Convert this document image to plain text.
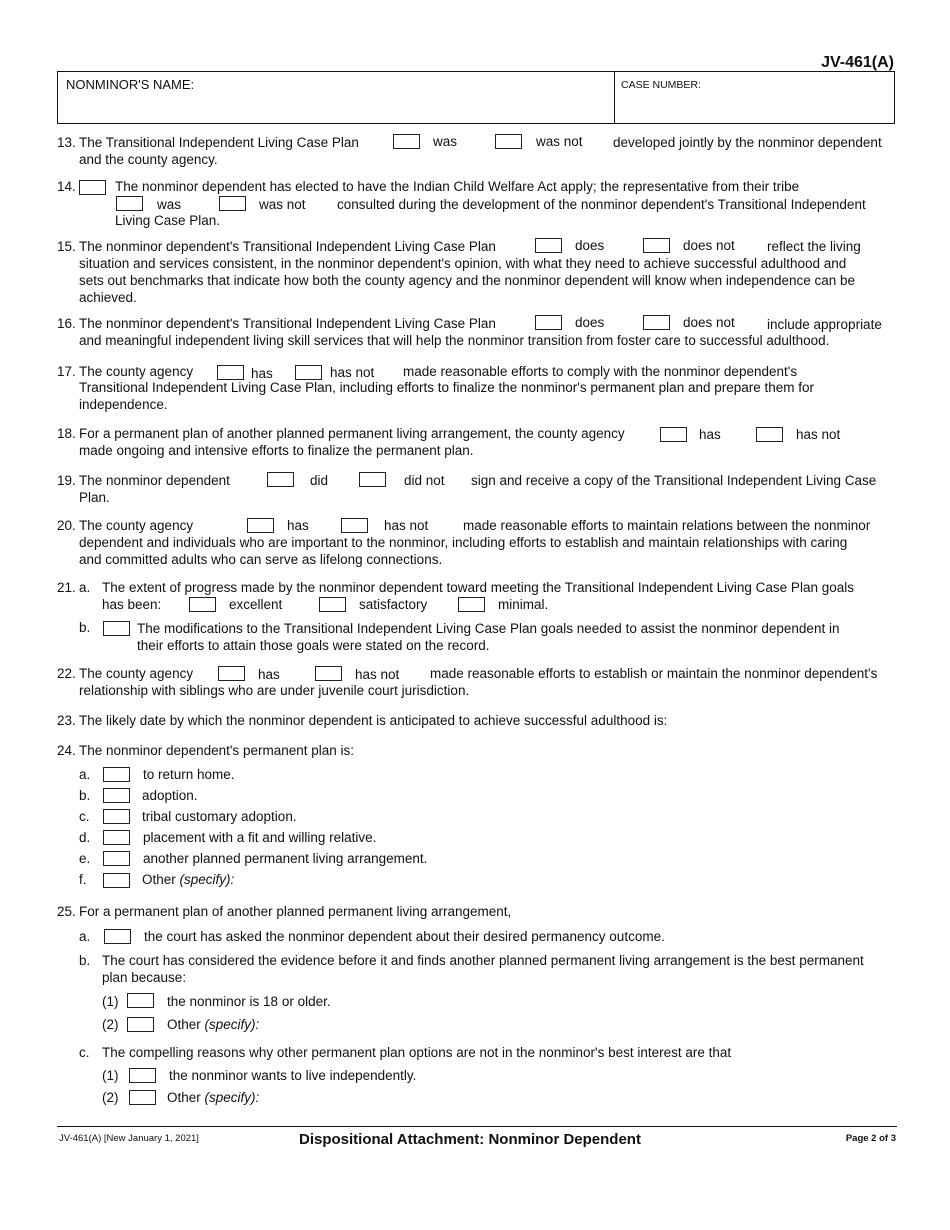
JV-461(A)
NONMINOR'S NAME:	CASE NUMBER:
13. The Transitional Independent Living Case Plan	was	was not developed jointly by the nonminor dependent
and the county agency.
14.	The nonminor dependent has elected to have the Indian Child Welfare Act apply; the representative from their tribe
was	was not consulted during the development of the nonminor dependent's Transitional Independent
Living Case Plan.
15. The nonminor dependent's Transitional Independent Living Case Plan	does	does not reflect the living
situation and services consistent, in the nonminor dependent's opinion, with what they need to achieve successful adulthood and
sets out benchmarks that indicate how both the county agency and the nonminor dependent will know when independence can be
achieved.
16. The nonminor dependent's Transitional Independent Living Case Plan	does	does not include appropriate
and meaningful independent living skill services that will help the nonminor transition from foster care to successful adulthood.
17. The county agency	has	has not made reasonable efforts to comply with the nonminor dependent's
Transitional Independent Living Case Plan, including efforts to finalize the nonminor's permanent plan and prepare them for
independence.
18. For a permanent plan of another planned permanent living arrangement, the county agency	has	has not
made ongoing and intensive efforts to finalize the permanent plan.
19. The nonminor dependent	did	did not sign and receive a copy of the Transitional Independent Living Case
Plan.
20. The county agency	has	has not	made reasonable efforts to maintain relations between the nonminor
dependent and individuals who are important to the nonminor, including efforts to establish and maintain relationships with caring
and committed adults who can serve as lifelong connections.
21. a. The extent of progress made by the nonminor dependent toward meeting the Transitional Independent Living Case Plan goals
has been:	excellent	satisfactory	minimal.
b.	The modifications to the Transitional Independent Living Case Plan goals needed to assist the nonminor dependent in
their efforts to attain those goals were stated on the record.
22. The county agency	has	has not made reasonable efforts to establish or maintain the nonminor dependent's
relationship with siblings who are under juvenile court jurisdiction.
23. The likely date by which the nonminor dependent is anticipated to achieve successful adulthood is:
24. The nonminor dependent's permanent plan is:
a.	to return home.
b.	adoption.
c.	tribal customary adoption.
d.	placement with a fit and willing relative.
e.	another planned permanent living arrangement.
f.	Other (specify):
25. For a permanent plan of another planned permanent living arrangement,
a.	the court has asked the nonminor dependent about their desired permanency outcome.
b. The court has considered the evidence before it and finds another planned permanent living arrangement is the best permanent
plan because:
(1)	the nonminor is 18 or older.
(2)	Other (specify):
c. The compelling reasons why other permanent plan options are not in the nonminor's best interest are that
(1)	the nonminor wants to live independently.
(2)	Other (specify):
JV-461(A) [New January 1, 2021]	Dispositional Attachment: Nonminor Dependent	Page 2 of 3
